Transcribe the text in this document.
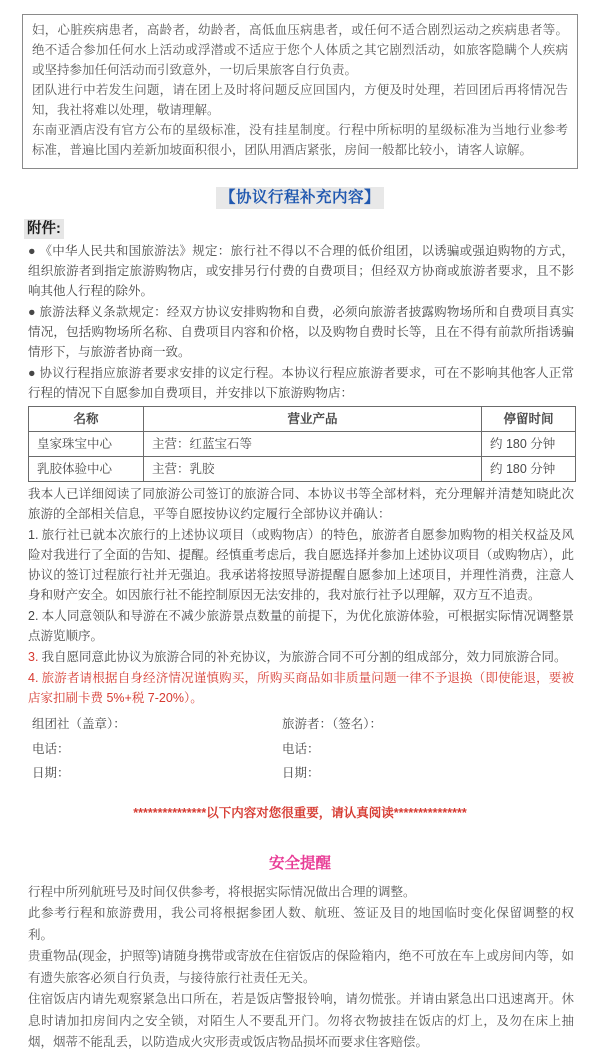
妇，心脏疾病患者，高龄者，幼龄者，高低血压病患者，或任何不适合剧烈运动之疾病患者等。绝不适合参加任何水上活动或浮潜或不适应于您个人体质之其它剧烈活动，如旅客隐瞒个人疾病或坚持参加任何活动而引致意外，一切后果旅客自行负责。

团队进行中若发生问题，请在团上及时将问题反应回国内，方便及时处理，若回团后再将情况告知，我社将难以处理，敬请理解。

东南亚酒店没有官方公布的星级标准，没有挂星制度。行程中所标明的星级标准为当地行业参考标准，普遍比国内差新加坡面积很小，团队用酒店紧张，房间一般都比较小，请客人谅解。

【协议行程补充内容】
附件:

● 《中华人民共和国旅游法》规定：旅行社不得以不合理的低价组团，以诱骗或强迫购物的方式，组织旅游者到指定旅游购物店，或安排另行付费的自费项目；但经双方协商或旅游者要求，且不影响其他人行程的除外。

● 旅游法释义条款规定：经双方协议安排购物和自费，必须向旅游者披露购物场所和自费项目真实情况，包括购物场所名称、自费项目内容和价格，以及购物自费时长等，且在不得有前款所指诱骗情形下，与旅游者协商一致。

● 协议行程指应旅游者要求安排的议定行程。本协议行程应旅游者要求，可在不影响其他客人正常行程的情况下自愿参加自费项目，并安排以下旅游购物店：

名称	营业产品	停留时间
皇家珠宝中心	主营：红蓝宝石等	约 180 分钟
乳胶体验中心	主营：乳胶	约 180 分钟

我本人已详细阅读了同旅游公司签订的旅游合同、本协议书等全部材料，充分理解并清楚知晓此次旅游的全部相关信息，平等自愿按协议约定履行全部协议并确认：

1. 旅行社已就本次旅行的上述协议项目（或购物店）的特色，旅游者自愿参加购物的相关权益及风险对我进行了全面的告知、提醒。经慎重考虑后，我自愿选择并参加上述协议项目（或购物店），此协议的签订过程旅行社并无强迫。我承诺将按照导游提醒自愿参加上述项目，并理性消费，注意人身和财产安全。如因旅行社不能控制原因无法安排的，我对旅行社予以理解，双方互不追责。

2. 本人同意领队和导游在不减少旅游景点数量的前提下，为优化旅游体验，可根据实际情况调整景点游览顺序。

3. 我自愿同意此协议为旅游合同的补充协议，为旅游合同不可分割的组成部分，效力同旅游合同。

4. 旅游者请根据自身经济情况谨慎购买，所购买商品如非质量问题一律不予退换（即使能退，要被店家扣刷卡费 5%+税 7-20%）。

组团社（盖章）：	旅游者：（签名）：
电话：	电话：
日期：	日期：
***************以下内容对您很重要，请认真阅读***************
安全提醒

行程中所列航班号及时间仅供参考，将根据实际情况做出合理的调整。

此参考行程和旅游费用，我公司将根据参团人数、航班、签证及目的地国临时变化保留调整的权利。

贵重物品(现金，护照等)请随身携带或寄放在住宿饭店的保险箱内，绝不可放在车上或房间内等，如有遗失旅客必须自行负责，与接待旅行社责任无关。

住宿饭店内请先观察紧急出口所在，若是饭店警报铃响，请勿慌张。并请由紧急出口迅速离开。休息时请加扣房间内之安全锁，对陌生人不要乱开门。勿将衣物披挂在饭店的灯上，及勿在床上抽烟，烟蒂不能乱丢，以防造成火灾形责或饭店物品损坏而要求住客赔偿。
